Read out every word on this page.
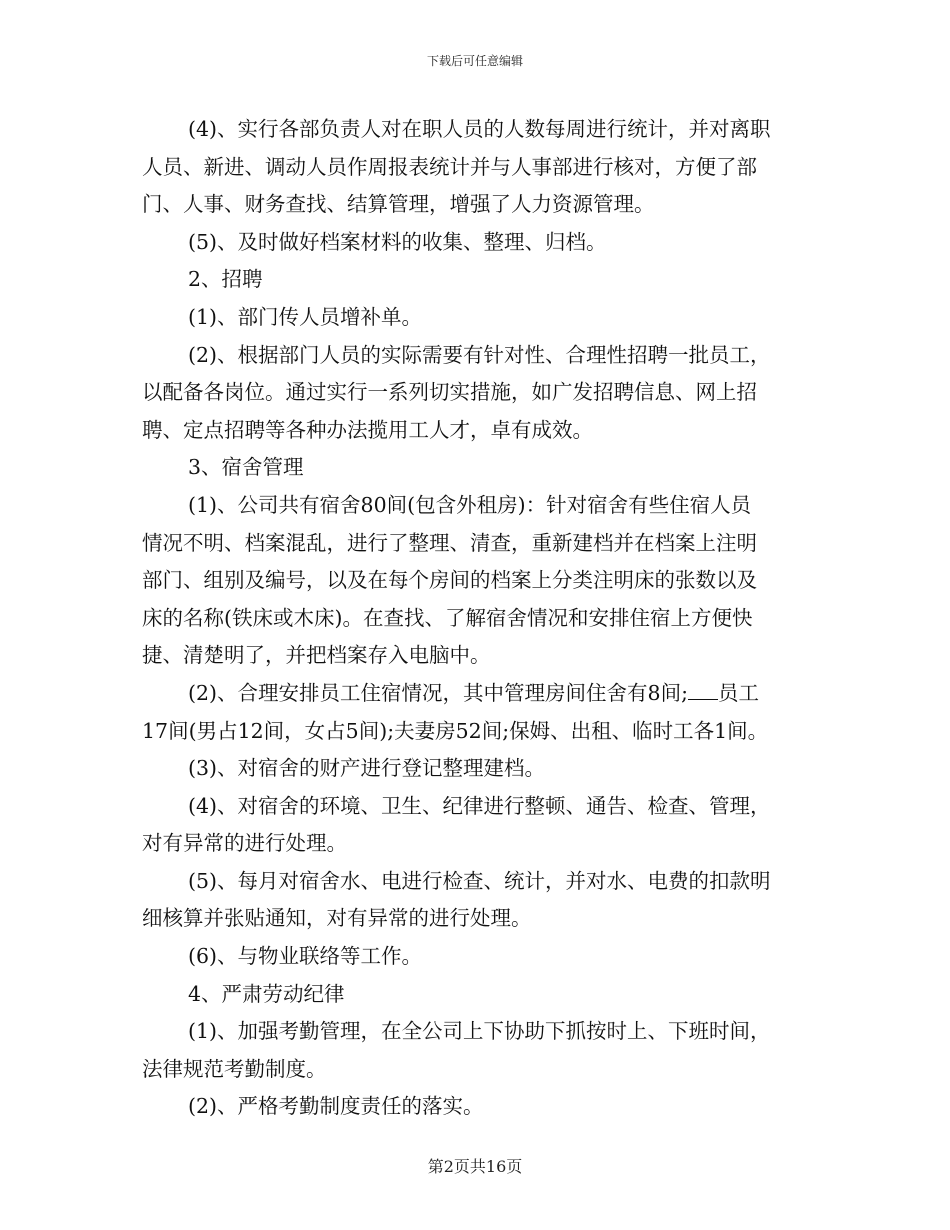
下载后可任意编辑

(4)、实行各部负责人对在职人员的人数每周进行统计，并对离职

人员、新进、调动人员作周报表统计并与人事部进行核对，方便了部

门、人事、财务查找、结算管理，增强了人力资源管理。

(5)、及时做好档案材料的收集、整理、归档。

2、招聘

(1)、部门传人员增补单。

(2)、根据部门人员的实际需要有针对性、合理性招聘一批员工，

以配备各岗位。通过实行一系列切实措施，如广发招聘信息、网上招

聘、定点招聘等各种办法揽用工人才，卓有成效。

3、宿舍管理

(1)、公司共有宿舍80间(包含外租房)：针对宿舍有些住宿人员

情况不明、档案混乱，进行了整理、清查，重新建档并在档案上注明

部门、组别及编号，以及在每个房间的档案上分类注明床的张数以及

床的名称(铁床或木床)。在查找、了解宿舍情况和安排住宿上方便快

捷、清楚明了，并把档案存入电脑中。

(2)、合理安排员工住宿情况，其中管理房间住舍有8间; 员工

17间(男占12间，女占5间);夫妻房52间;保姆、出租、临时工各1间。

(3)、对宿舍的财产进行登记整理建档。

(4)、对宿舍的环境、卫生、纪律进行整顿、通告、检查、管理，

对有异常的进行处理。

(5)、每月对宿舍水、电进行检查、统计，并对水、电费的扣款明

细核算并张贴通知，对有异常的进行处理。

(6)、与物业联络等工作。

4、严肃劳动纪律

(1)、加强考勤管理，在全公司上下协助下抓按时上、下班时间，

法律规范考勤制度。

(2)、严格考勤制度责任的落实。

第2页共16页
